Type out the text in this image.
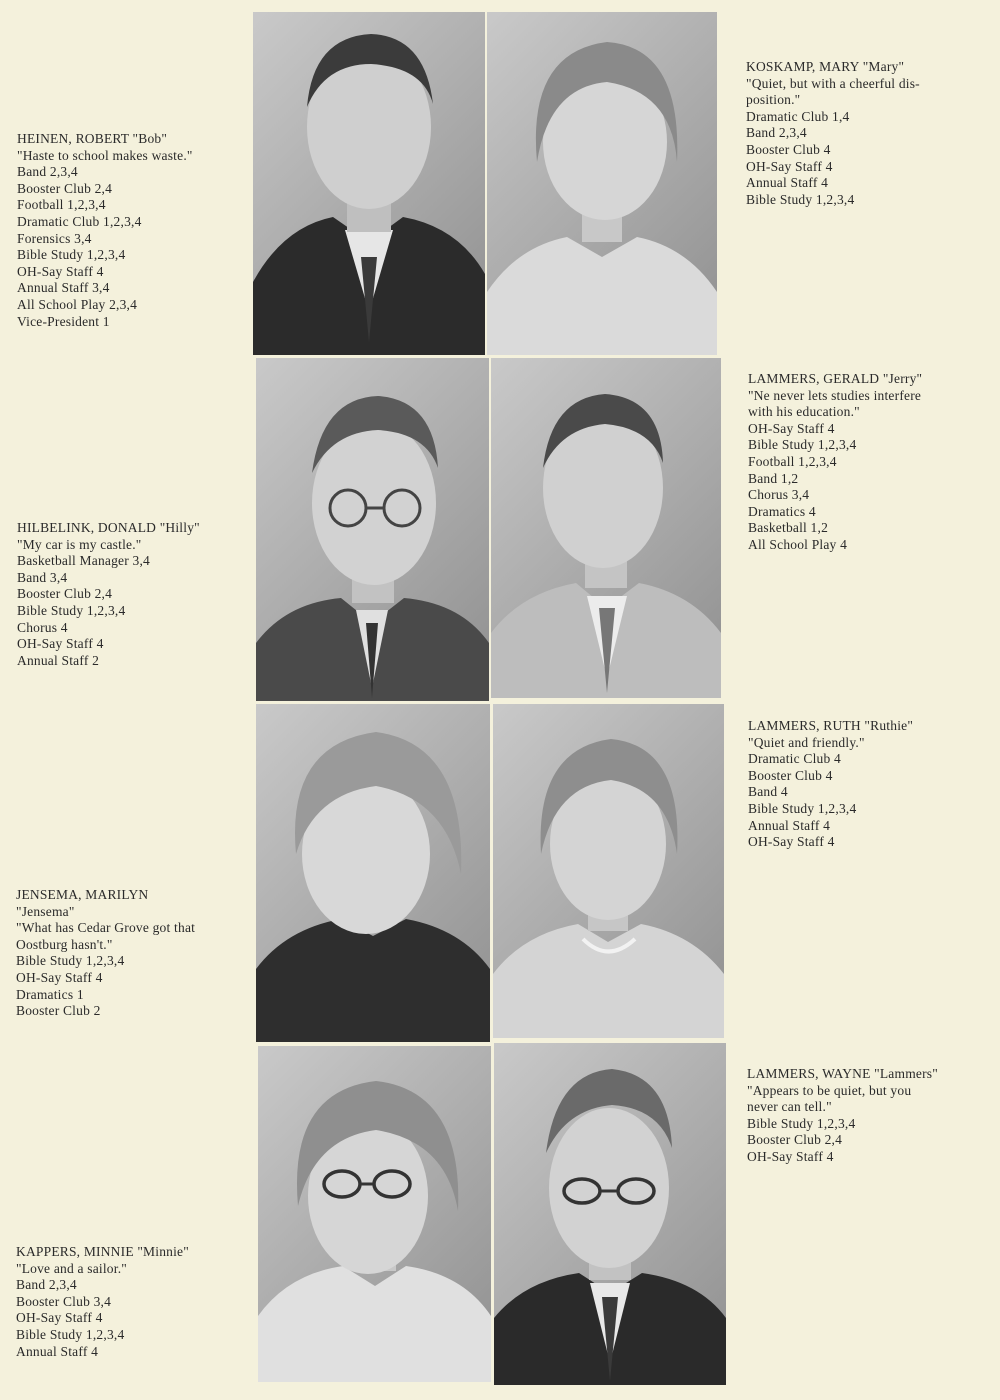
HEINEN, ROBERT "Bob"
"Haste to school makes waste."
Band 2,3,4
Booster Club 2,4
Football 1,2,3,4
Dramatic Club 1,2,3,4
Forensics 3,4
Bible Study 1,2,3,4
OH-Say Staff 4
Annual Staff 3,4
All School Play 2,3,4
Vice-President 1
KOSKAMP, MARY "Mary"
"Quiet, but with a cheerful dis-
position."
Dramatic Club 1,4
Band 2,3,4
Booster Club 4
OH-Say Staff 4
Annual Staff 4
Bible Study 1,2,3,4
HILBELINK, DONALD "Hilly"
"My car is my castle."
Basketball Manager 3,4
Band 3,4
Booster Club 2,4
Bible Study 1,2,3,4
Chorus 4
OH-Say Staff 4
Annual Staff 2
LAMMERS, GERALD "Jerry"
"Ne never lets studies interfere
with his education."
OH-Say Staff 4
Bible Study 1,2,3,4
Football 1,2,3,4
Band 1,2
Chorus 3,4
Dramatics 4
Basketball 1,2
All School Play 4
JENSEMA, MARILYN
"Jensema"
"What has Cedar Grove got that
Oostburg hasn't."
Bible Study 1,2,3,4
OH-Say Staff 4
Dramatics 1
Booster Club 2
LAMMERS, RUTH "Ruthie"
"Quiet and friendly."
Dramatic Club 4
Booster Club 4
Band 4
Bible Study 1,2,3,4
Annual Staff 4
OH-Say Staff 4
KAPPERS, MINNIE "Minnie"
"Love and a sailor."
Band 2,3,4
Booster Club 3,4
OH-Say Staff 4
Bible Study 1,2,3,4
Annual Staff 4
LAMMERS, WAYNE "Lammers"
"Appears to be quiet, but you
never can tell."
Bible Study 1,2,3,4
Booster Club 2,4
OH-Say Staff 4
